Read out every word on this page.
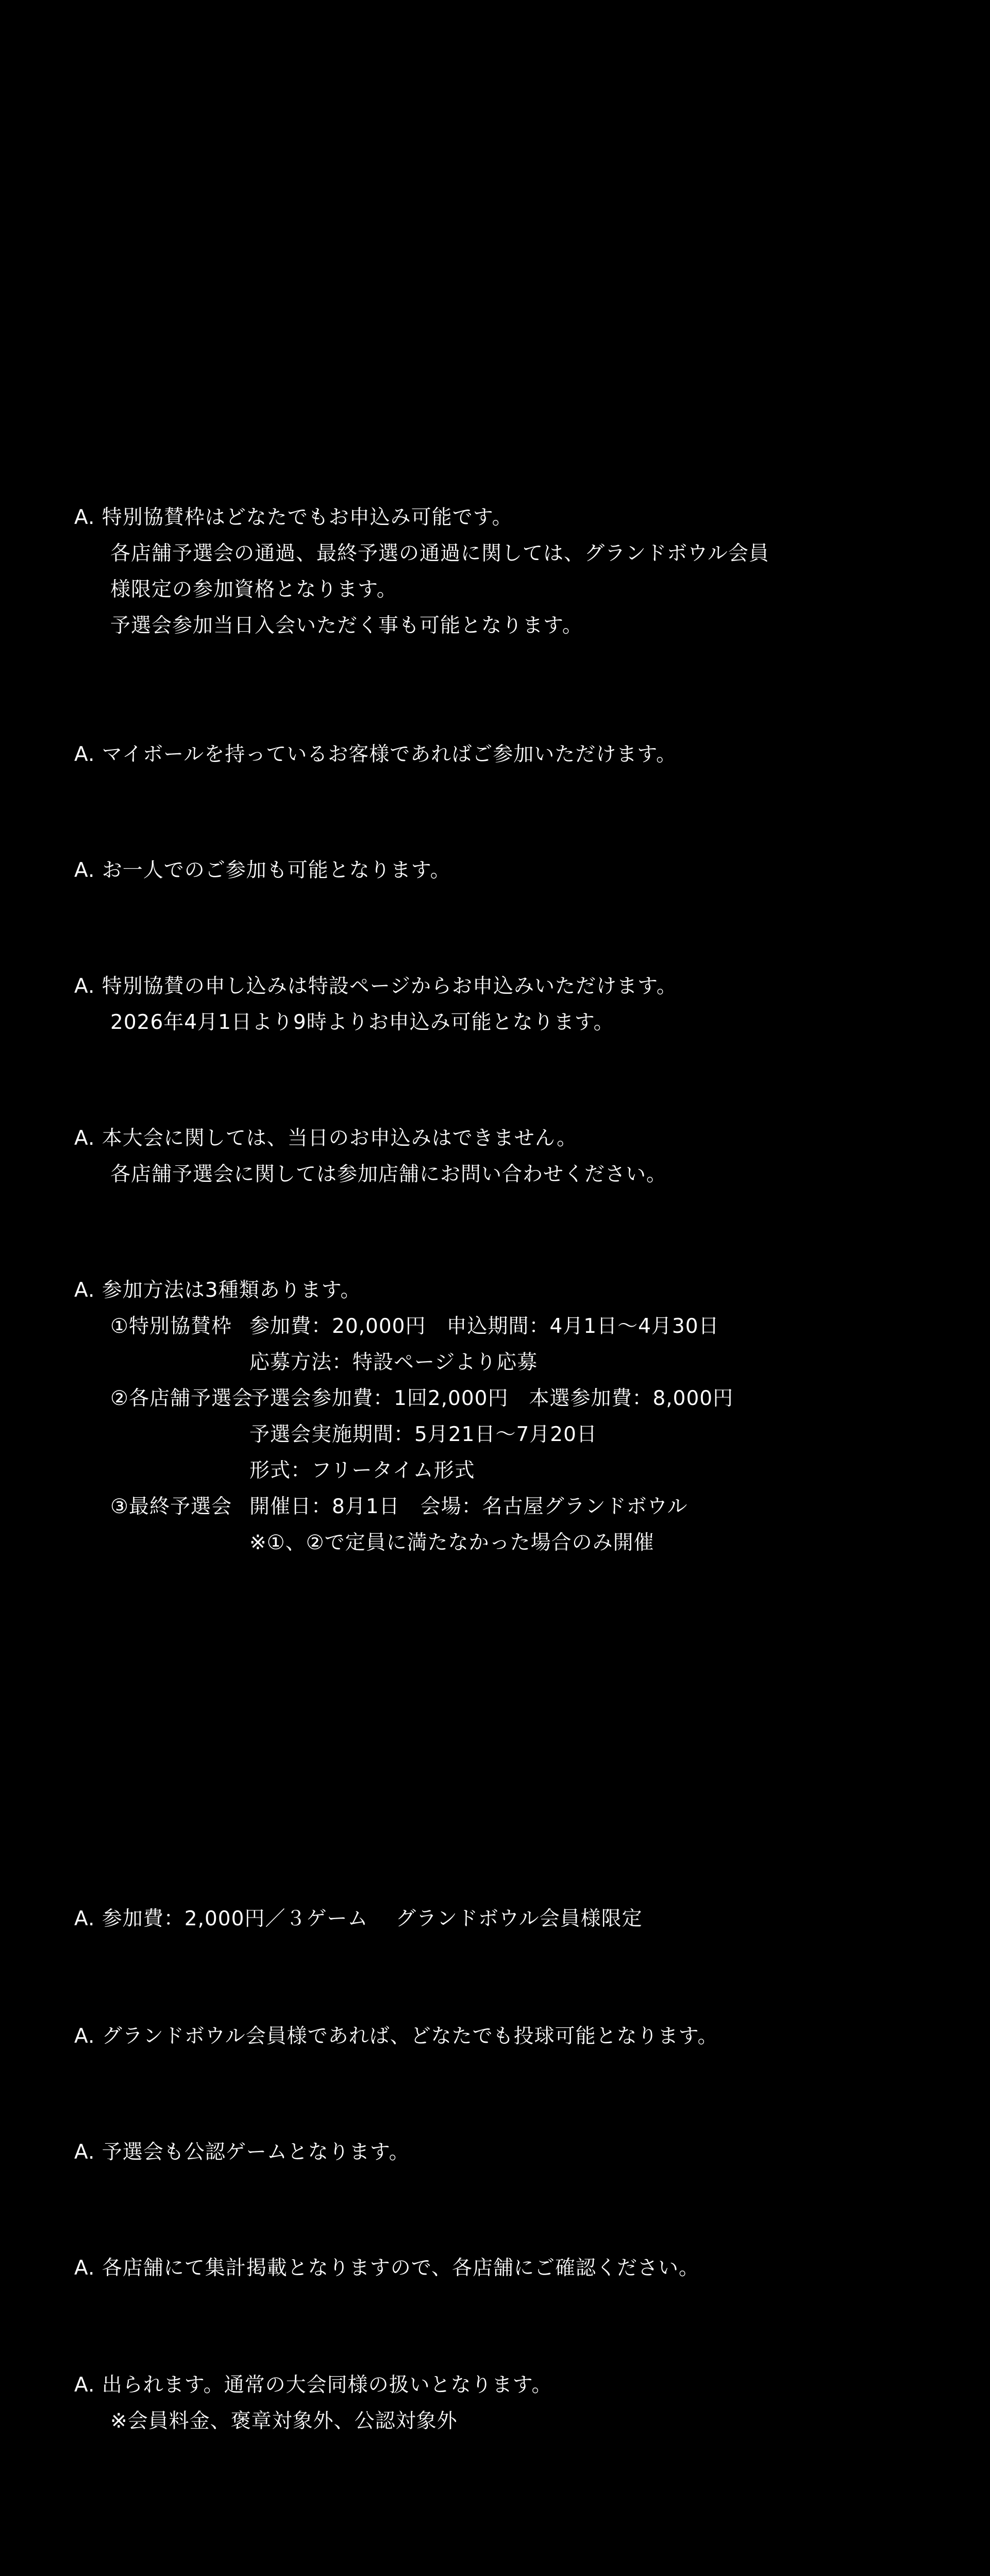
A. 特別協賛枠はどなたでもお申込み可能です。
各店舗予選会の通過、最終予選の通過に関しては、グランドボウル会員
様限定の参加資格となります。
予選会参加当日入会いただく事も可能となります。
A. マイボールを持っているお客様であればご参加いただけます。
A. お一人でのご参加も可能となります。
A. 特別協賛の申し込みは特設ページからお申込みいただけます。
2026年4月1日より9時よりお申込み可能となります。
A. 本大会に関しては、当日のお申込みはできません。
各店舗予選会に関しては参加店舗にお問い合わせください。
A. 参加方法は3種類あります。
①特別協賛枠 参加費：20,000円　申込期間：4月1日〜4月30日
応募方法：特設ページより応募
②各店舗予選会
予選会参加費：1回2,000円　本選参加費：8,000円
予選会実施期間：5月21日〜7月20日
形式：フリータイム形式
③最終予選会 開催日：8月1日　会場：名古屋グランドボウル
※①、②で定員に満たなかった場合のみ開催
A. 参加費：2,000円／３ゲーム　 グランドボウル会員様限定
A. グランドボウル会員様であれば、どなたでも投球可能となります。
A. 予選会も公認ゲームとなります。
A. 各店舗にて集計掲載となりますので、各店舗にご確認ください。
A. 出られます。通常の大会同様の扱いとなります。
※会員料金、褒章対象外、公認対象外
